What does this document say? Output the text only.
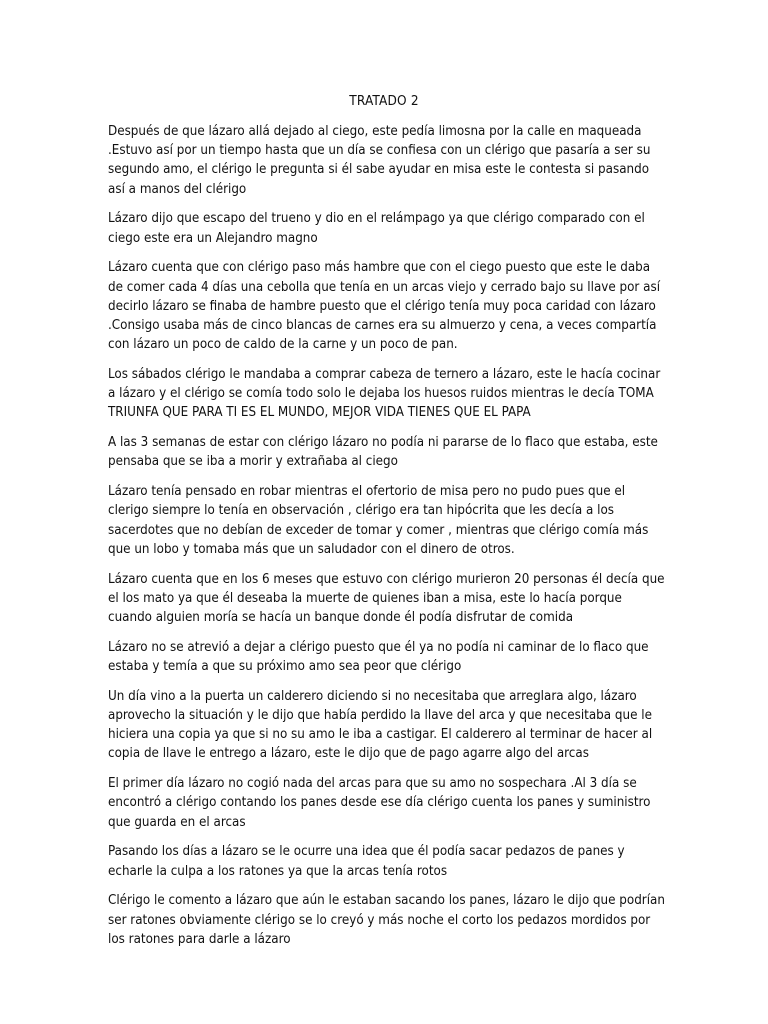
TRATADO 2

Después de que lázaro allá dejado al ciego, este pedía limosna por la calle en maqueada .Estuvo así por un tiempo hasta que un día se confiesa con un clérigo que pasaría a ser su segundo amo, el clérigo le pregunta si él sabe ayudar en misa este le contesta si pasando así a manos del clérigo

Lázaro dijo que escapo del trueno y dio en el relámpago ya que clérigo comparado con el ciego este era un Alejandro magno

Lázaro cuenta que con clérigo paso más hambre que con el ciego puesto que este le daba de comer cada 4 días una cebolla que tenía en un arcas viejo y cerrado bajo su llave por así decirlo lázaro se finaba de hambre puesto que el clérigo tenía muy poca caridad con lázaro .Consigo usaba más de cinco blancas de carnes era su almuerzo y cena, a veces compartía con lázaro un poco de caldo de la carne y un poco de pan.

Los sábados clérigo le mandaba a comprar cabeza de ternero a lázaro, este le hacía cocinar a lázaro y el clérigo se comía todo solo le dejaba los huesos ruidos mientras le decía TOMA TRIUNFA QUE PARA TI ES EL MUNDO, MEJOR VIDA TIENES QUE EL PAPA

A las 3 semanas de estar con clérigo lázaro no podía ni pararse de lo flaco que estaba, este pensaba que se iba a morir y extrañaba al ciego

Lázaro tenía pensado en robar mientras el ofertorio de misa pero no pudo pues que el clerigo siempre lo tenía en observación , clérigo era tan hipócrita que les decía a los sacerdotes que no debían de exceder de tomar y comer , mientras que clérigo comía más que un lobo y tomaba más que un saludador con el dinero de otros.

Lázaro cuenta que en los 6 meses que estuvo con clérigo murieron 20 personas él decía que el los mato ya que él deseaba la muerte de quienes iban a misa, este lo hacía porque cuando alguien moría se hacía un banque donde él podía disfrutar de comida

Lázaro no se atrevió a dejar a clérigo puesto que él ya no podía ni caminar de lo flaco que estaba y temía a que su próximo amo sea peor que clérigo

Un día vino a la puerta un calderero diciendo si no necesitaba que arreglara algo, lázaro aprovecho la situación y le dijo que había perdido la llave del arca y que necesitaba que le hiciera una copia ya que si no su amo le iba a castigar. El calderero al terminar de hacer al copia de llave le entrego a lázaro, este le dijo que de pago agarre algo del arcas

El primer día lázaro no cogió nada del arcas para que su amo no sospechara .Al 3 día se encontró a clérigo contando los panes desde ese día clérigo cuenta los panes y suministro que guarda en el arcas

Pasando los días a lázaro se le ocurre una idea que él podía sacar pedazos de panes y echarle la culpa a los ratones ya que la arcas tenía rotos

Clérigo le comento a lázaro que aún le estaban sacando los panes, lázaro le dijo que podrían ser ratones obviamente clérigo se lo creyó y más noche el corto los pedazos mordidos por los ratones para darle a lázaro
